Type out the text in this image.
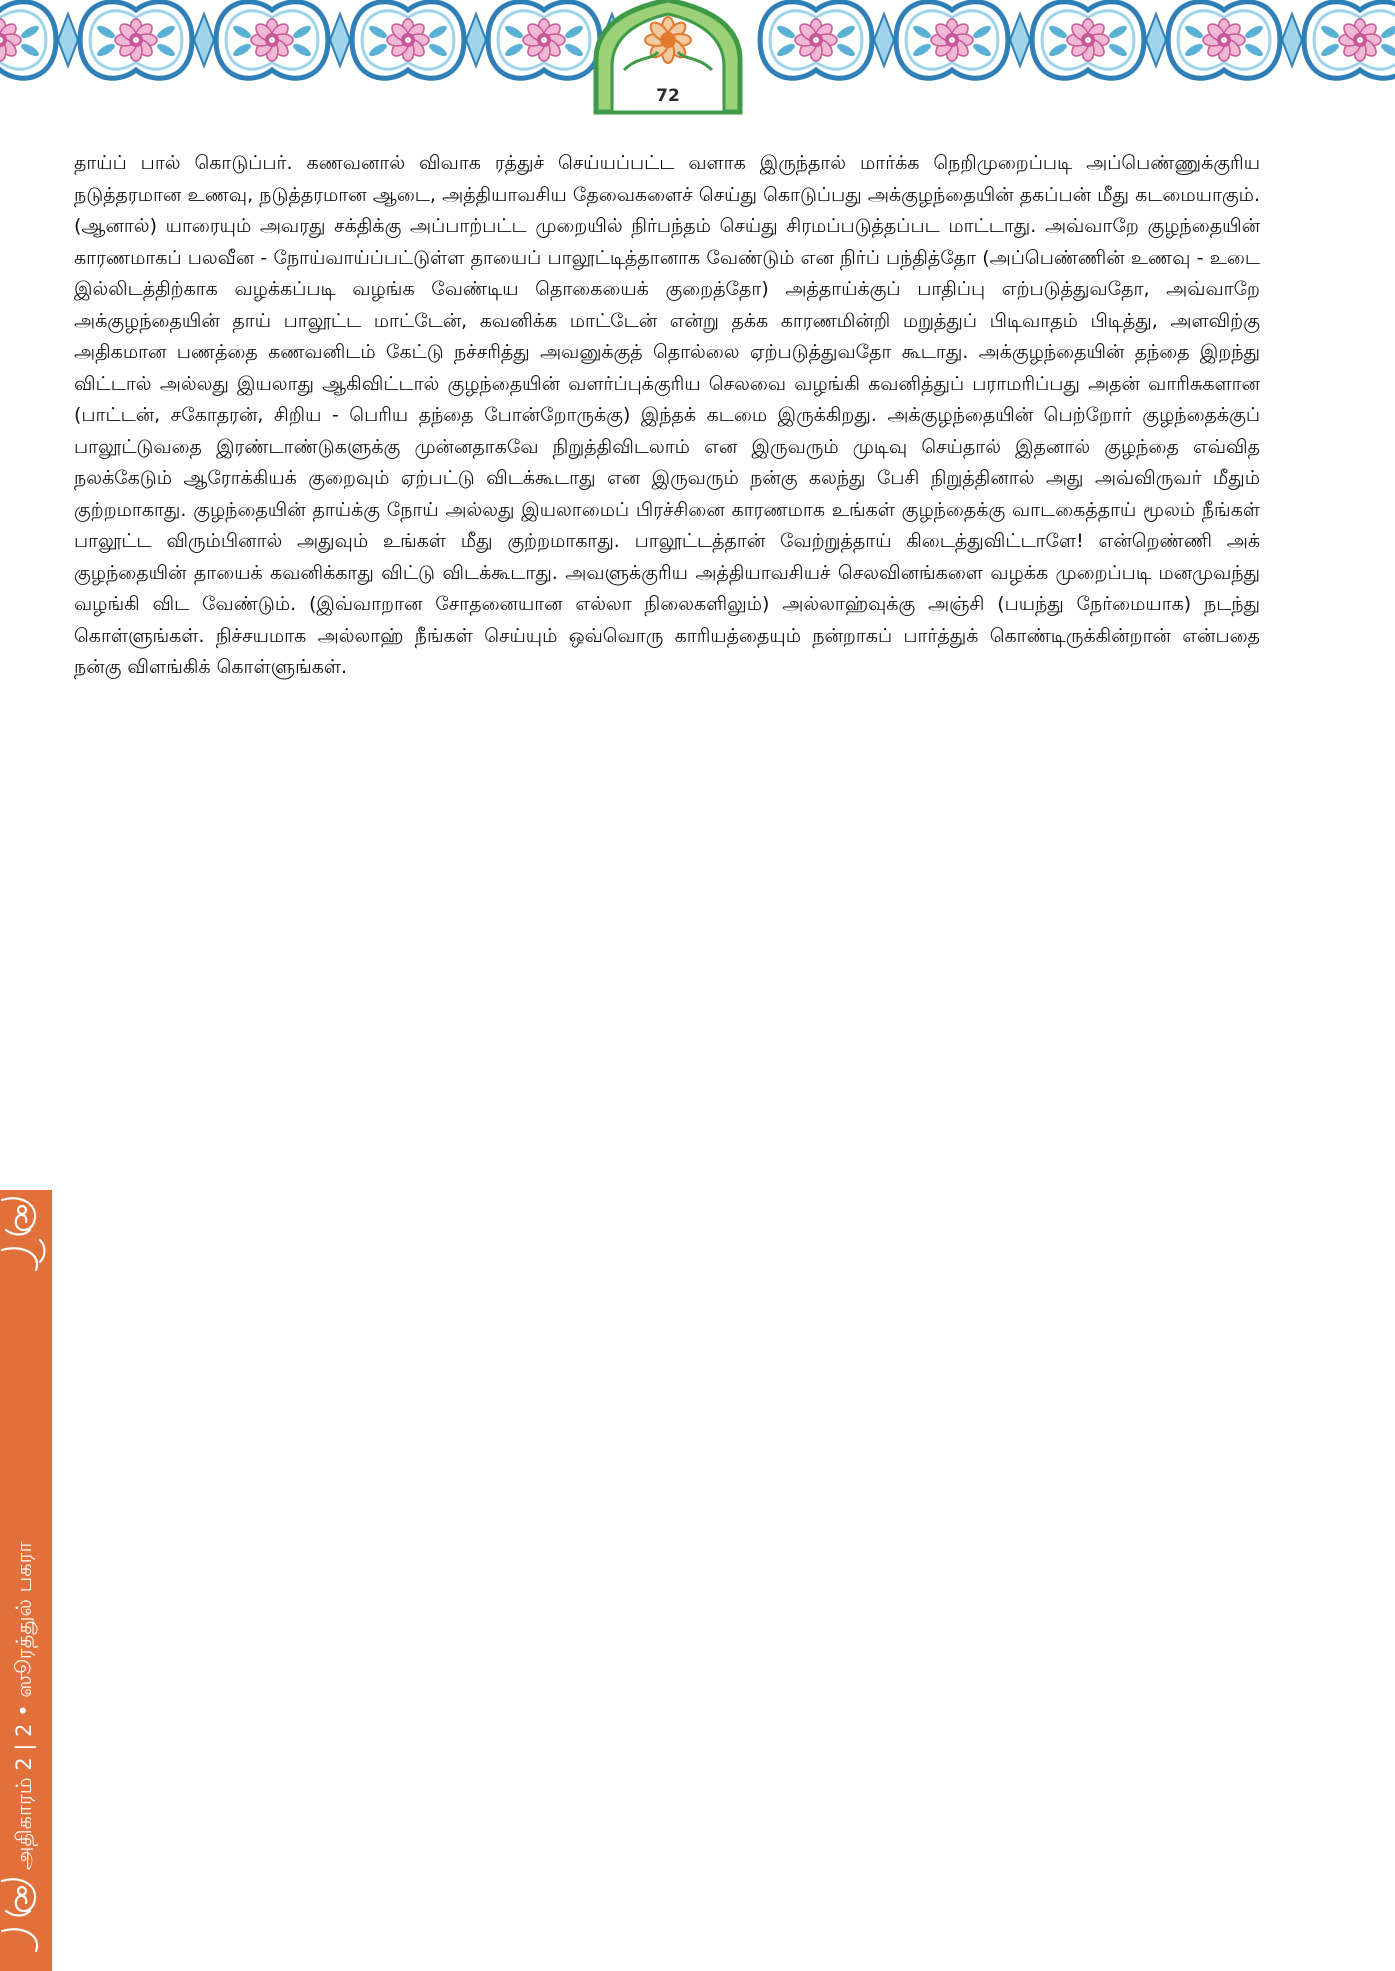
72

தாய்ப் பால் கொடுப்பர். கணவனால் விவாக ரத்துச் செய்யப்பட்ட வளாக இருந்தால் மார்க்க நெறிமுறைப்படி அப்பெண்ணுக்குரிய நடுத்தரமான உணவு, நடுத்தரமான ஆடை, அத்தியாவசிய தேவைகளைச் செய்து கொடுப்பது அக்குழந்தையின் தகப்பன் மீது கடமையாகும். (ஆனால்) யாரையும் அவரது சக்திக்கு அப்பாற்பட்ட முறையில் நிர்பந்தம் செய்து சிரமப்படுத்தப்பட மாட்டாது. அவ்வாறே குழந்தையின் காரணமாகப் பலவீன - நோய்வாய்ப்பட்டுள்ள தாயைப் பாலூட்டித்தானாக வேண்டும் என நிர்ப் பந்தித்தோ (அப்பெண்ணின் உணவு - உடை இல்லிடத்திற்காக வழக்கப்படி வழங்க வேண்டிய தொகையைக் குறைத்தோ) அத்தாய்க்குப் பாதிப்பு எற்படுத்துவதோ, அவ்வாறே அக்குழந்தையின் தாய் பாலூட்ட மாட்டேன், கவனிக்க மாட்டேன் என்று தக்க காரணமின்றி மறுத்துப் பிடிவாதம் பிடித்து, அளவிற்கு அதிகமான பணத்தை கணவனிடம் கேட்டு நச்சரித்து அவனுக்குத் தொல்லை ஏற்படுத்துவதோ கூடாது. அக்குழந்தையின் தந்தை இறந்து விட்டால் அல்லது இயலாது ஆகிவிட்டால் குழந்தையின் வளர்ப்புக்குரிய செலவை வழங்கி கவனித்துப் பராமரிப்பது அதன் வாரிசுகளான (பாட்டன், சகோதரன், சிறிய - பெரிய தந்தை போன்றோருக்கு) இந்தக் கடமை இருக்கிறது. அக்குழந்தையின் பெற்றோர் குழந்தைக்குப் பாலூட்டுவதை இரண்டாண்டுகளுக்கு முன்னதாகவே நிறுத்திவிடலாம் என இருவரும் முடிவு செய்தால் இதனால் குழந்தை எவ்வித நலக்கேடும் ஆரோக்கியக் குறைவும் ஏற்பட்டு விடக்கூடாது என இருவரும் நன்கு கலந்து பேசி நிறுத்தினால் அது அவ்விருவர் மீதும் குற்றமாகாது. குழந்தையின் தாய்க்கு நோய் அல்லது இயலாமைப் பிரச்சினை காரணமாக உங்கள் குழந்தைக்கு வாடகைத்தாய் மூலம் நீங்கள் பாலூட்ட விரும்பினால் அதுவும் உங்கள் மீது குற்றமாகாது. பாலூட்டத்தான் வேற்றுத்தாய் கிடைத்துவிட்டாளே! என்றெண்ணி அக் குழந்தையின் தாயைக் கவனிக்காது விட்டு விடக்கூடாது. அவளுக்குரிய அத்தியாவசியச் செலவினங்களை வழக்க முறைப்படி மனமுவந்து வழங்கி விட வேண்டும். (இவ்வாறான சோதனையான எல்லா நிலைகளிலும்) அல்லாஹ்வுக்கு அஞ்சி (பயந்து நேர்மையாக) நடந்து கொள்ளுங்கள். நிச்சயமாக அல்லாஹ் நீங்கள் செய்யும் ஒவ்வொரு காரியத்தையும் நன்றாகப் பார்த்துக் கொண்டிருக்கின்றான் என்பதை நன்கு விளங்கிக் கொள்ளுங்கள்.

அதிகாரம் 2 | 2 • ஸூரத்துல் பகரா
